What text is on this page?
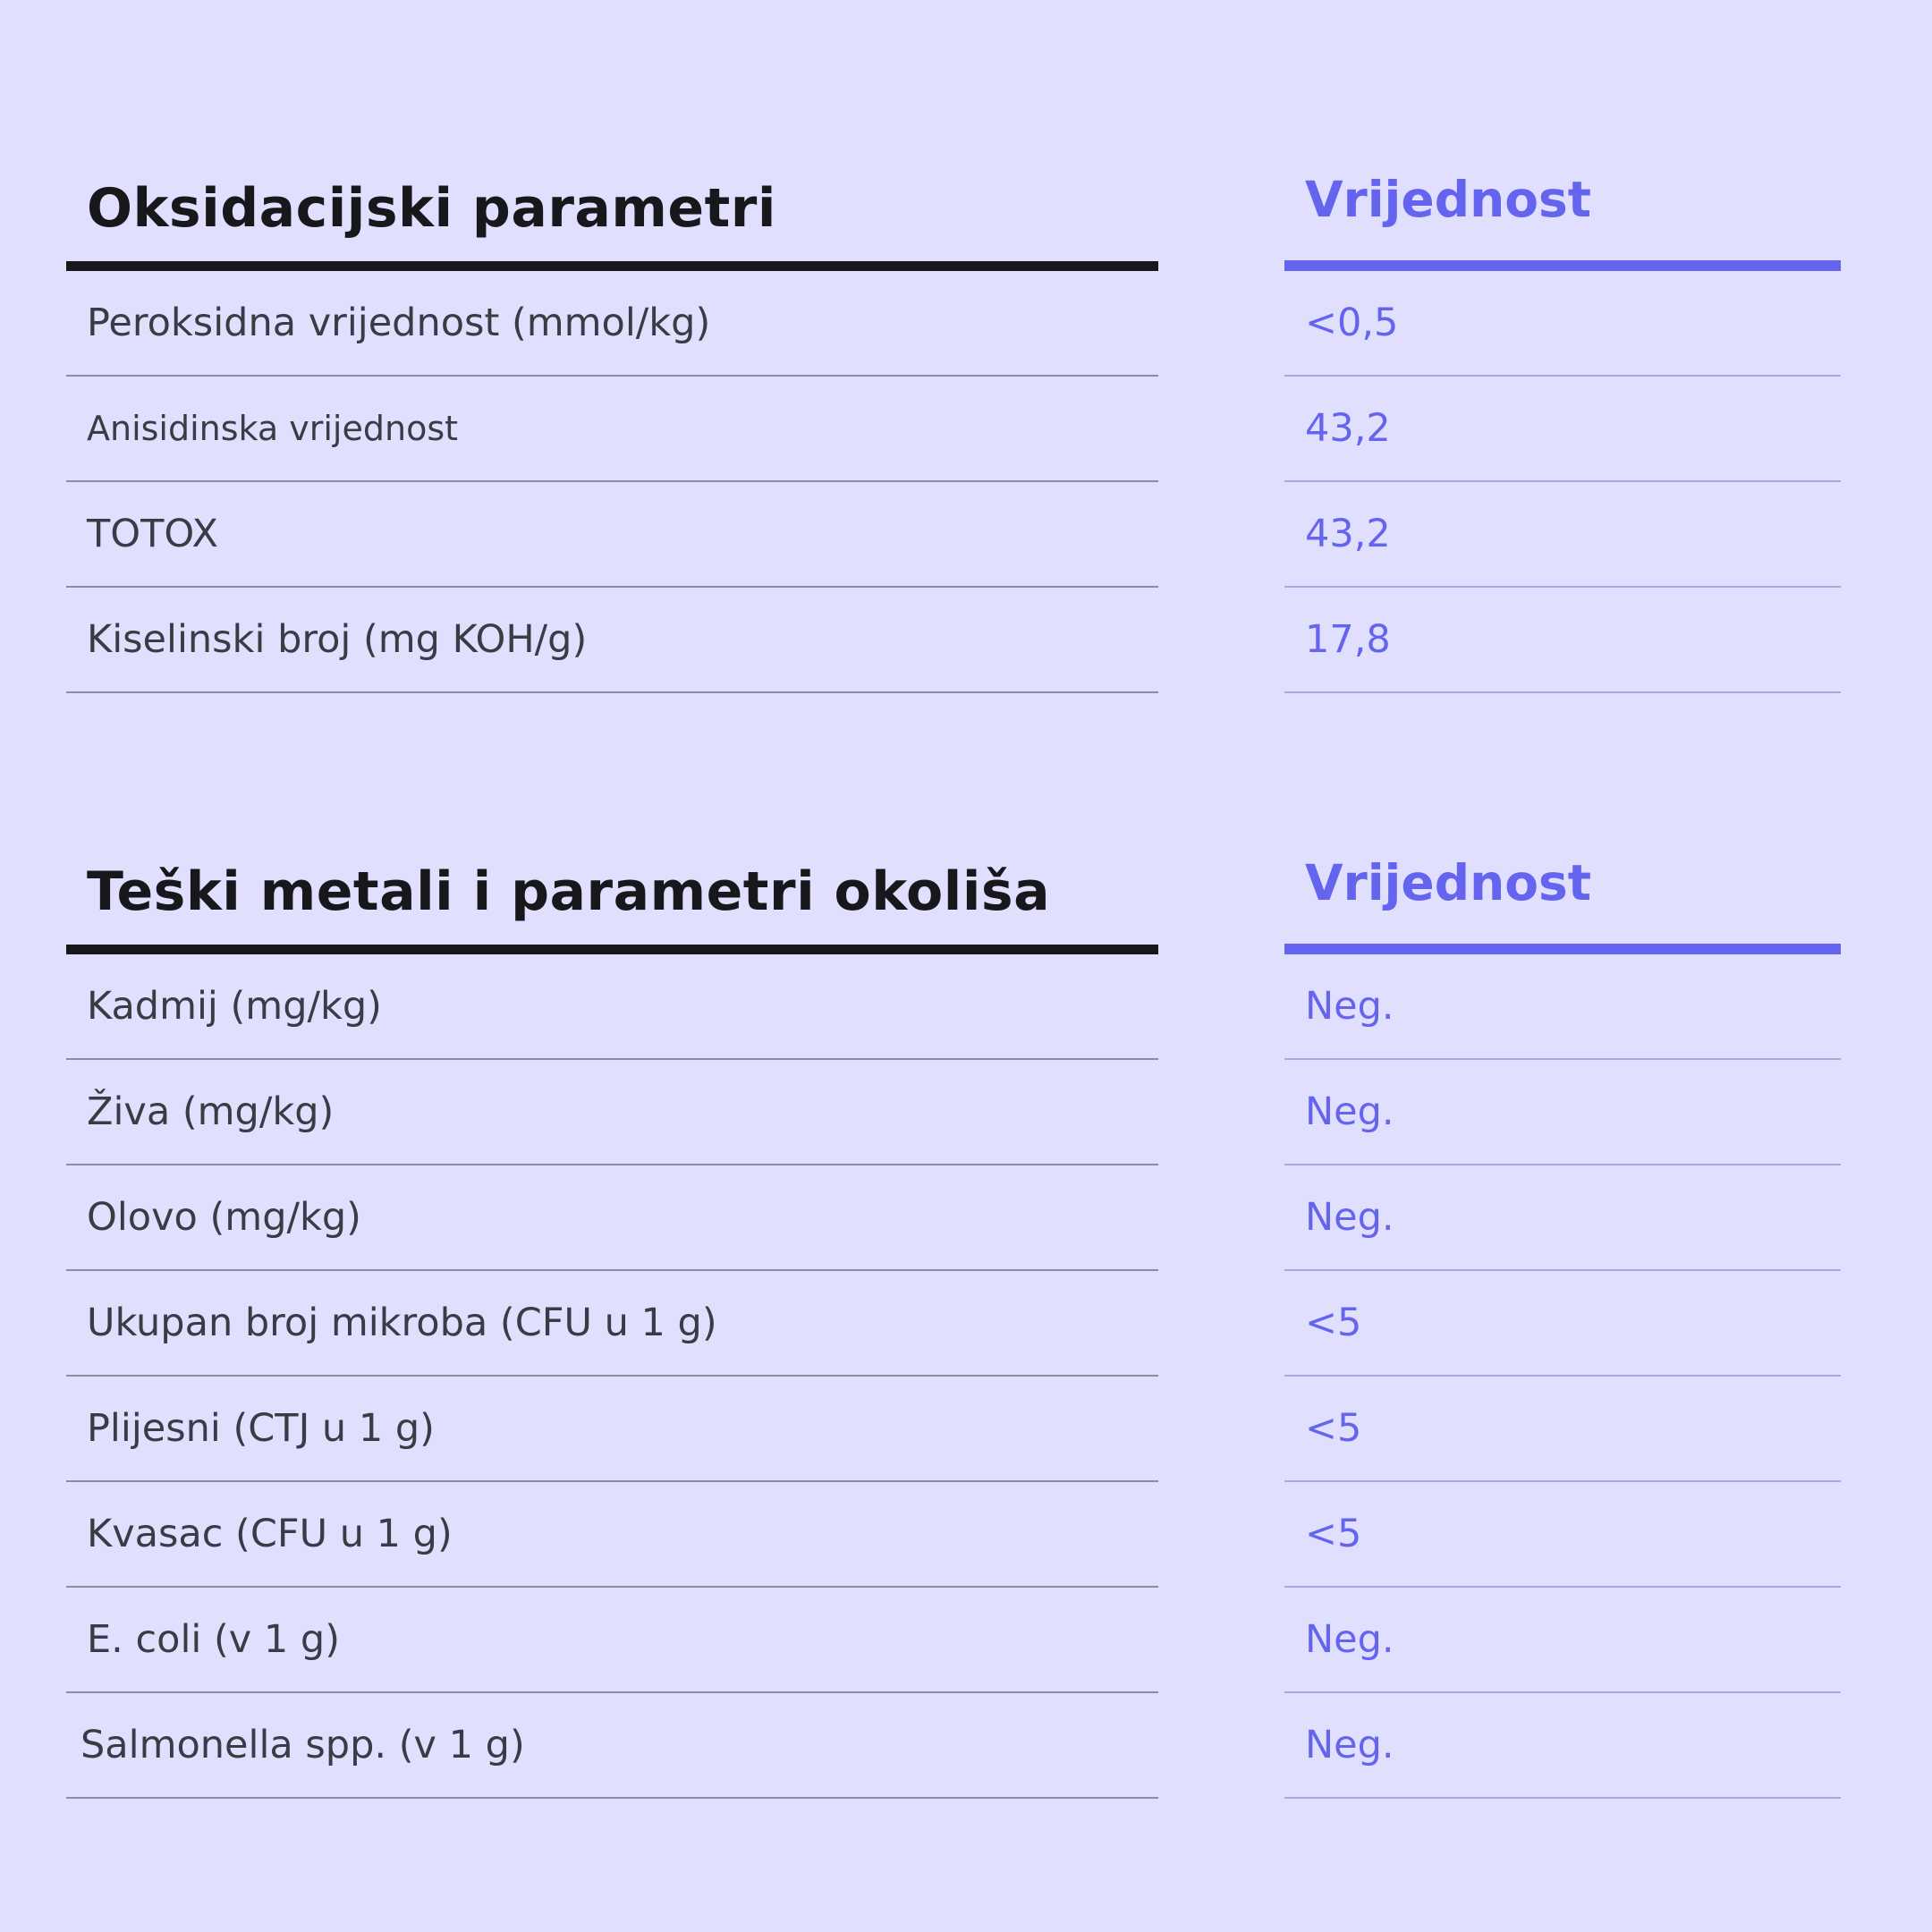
Oksidacijski parametri
Peroksidna vrijednost (mmol/kg)
Anisidinska vrijednost
TOTOX
Kiselinski broj (mg KOH/g)
Vrijednost
<0,5
43,2
43,2
17,8
Teški metali i parametri okoliša
Kadmij (mg/kg)
Živa (mg/kg)
Olovo (mg/kg)
Ukupan broj mikroba (CFU u 1 g)
Plijesni (CTJ u 1 g)
Kvasac (CFU u 1 g)
E. coli (v 1 g)
Salmonella spp. (v 1 g)
Vrijednost
Neg.
Neg.
Neg.
<5
<5
<5
Neg.
Neg.
